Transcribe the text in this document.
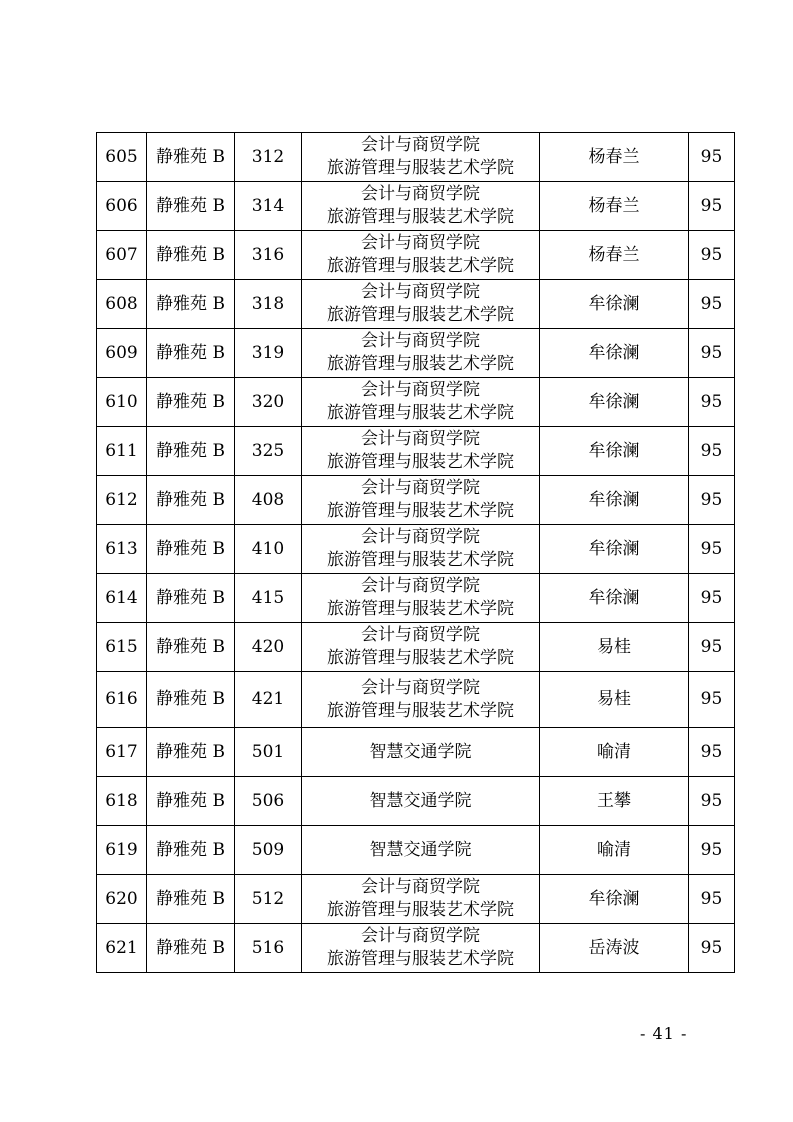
605	静雅苑 B	312	会计与商贸学院
旅游管理与服装艺术学院	杨春兰	95
606	静雅苑 B	314	会计与商贸学院
旅游管理与服装艺术学院	杨春兰	95
607	静雅苑 B	316	会计与商贸学院
旅游管理与服装艺术学院	杨春兰	95
608	静雅苑 B	318	会计与商贸学院
旅游管理与服装艺术学院	牟徐澜	95
609	静雅苑 B	319	会计与商贸学院
旅游管理与服装艺术学院	牟徐澜	95
610	静雅苑 B	320	会计与商贸学院
旅游管理与服装艺术学院	牟徐澜	95
611	静雅苑 B	325	会计与商贸学院
旅游管理与服装艺术学院	牟徐澜	95
612	静雅苑 B	408	会计与商贸学院
旅游管理与服装艺术学院	牟徐澜	95
613	静雅苑 B	410	会计与商贸学院
旅游管理与服装艺术学院	牟徐澜	95
614	静雅苑 B	415	会计与商贸学院
旅游管理与服装艺术学院	牟徐澜	95
615	静雅苑 B	420	会计与商贸学院
旅游管理与服装艺术学院	易桂	95
616	静雅苑 B	421	会计与商贸学院
旅游管理与服装艺术学院	易桂	95
617	静雅苑 B	501	智慧交通学院	喻清	95
618	静雅苑 B	506	智慧交通学院	王攀	95
619	静雅苑 B	509	智慧交通学院	喻清	95
620	静雅苑 B	512	会计与商贸学院
旅游管理与服装艺术学院	牟徐澜	95
621	静雅苑 B	516	会计与商贸学院
旅游管理与服装艺术学院	岳涛波	95
- 41 -
